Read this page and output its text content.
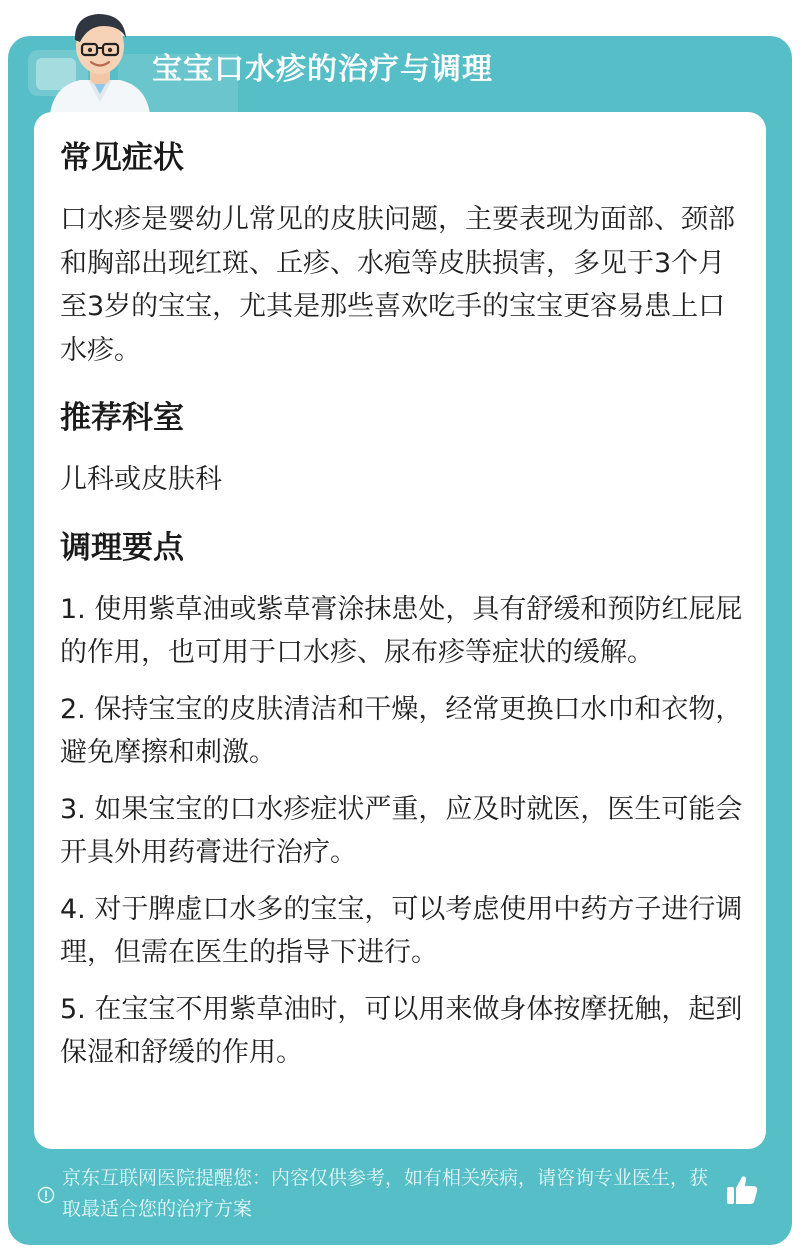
宝宝口水疹的治疗与调理
常见症状

口水疹是婴幼儿常见的皮肤问题，主要表现为面部、颈部和胸部出现红斑、丘疹、水疱等皮肤损害，多见于3个月至3岁的宝宝，尤其是那些喜欢吃手的宝宝更容易患上口水疹。

推荐科室

儿科或皮肤科

调理要点

1. 使用紫草油或紫草膏涂抹患处，具有舒缓和预防红屁屁的作用，也可用于口水疹、尿布疹等症状的缓解。

2. 保持宝宝的皮肤清洁和干燥，经常更换口水巾和衣物，避免摩擦和刺激。

3. 如果宝宝的口水疹症状严重，应及时就医，医生可能会开具外用药膏进行治疗。

4. 对于脾虚口水多的宝宝，可以考虑使用中药方子进行调理，但需在医生的指导下进行。

5. 在宝宝不用紫草油时，可以用来做身体按摩抚触，起到保湿和舒缓的作用。

京东互联网医院提醒您：内容仅供参考，如有相关疾病，请咨询专业医生，获取最适合您的治疗方案
